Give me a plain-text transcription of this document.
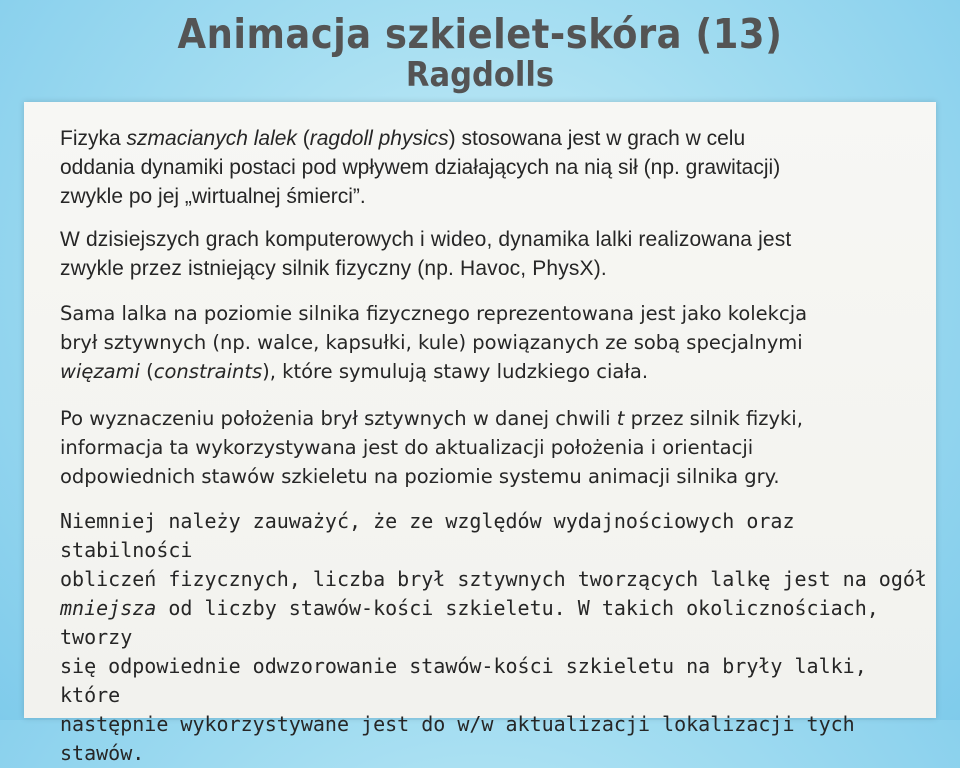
Animacja szkielet-skóra (13)
Ragdolls

Fizyka szmacianych lalek (ragdoll physics) stosowana jest w grach w celu
oddania dynamiki postaci pod wpływem działających na nią sił (np. grawitacji)
zwykle po jej „wirtualnej śmierci”.

W dzisiejszych grach komputerowych i wideo, dynamika lalki realizowana jest
zwykle przez istniejący silnik fizyczny (np. Havoc, PhysX).

Sama lalka na poziomie silnika fizycznego reprezentowana jest jako kolekcja
brył sztywnych (np. walce, kapsułki, kule) powiązanych ze sobą specjalnymi
więzami (constraints), które symulują stawy ludzkiego ciała.

Po wyznaczeniu położenia brył sztywnych w danej chwili t przez silnik fizyki,
informacja ta wykorzystywana jest do aktualizacji położenia i orientacji
odpowiednich stawów szkieletu na poziomie systemu animacji silnika gry.

Niemniej należy zauważyć, że ze względów wydajnościowych oraz stabilności
obliczeń fizycznych, liczba brył sztywnych tworzących lalkę jest na ogół
mniejsza od liczby stawów-kości szkieletu. W takich okolicznościach, tworzy
się odpowiednie odwzorowanie stawów-kości szkieletu na bryły lalki, które
następnie wykorzystywane jest do w/w aktualizacji lokalizacji tych stawów.
